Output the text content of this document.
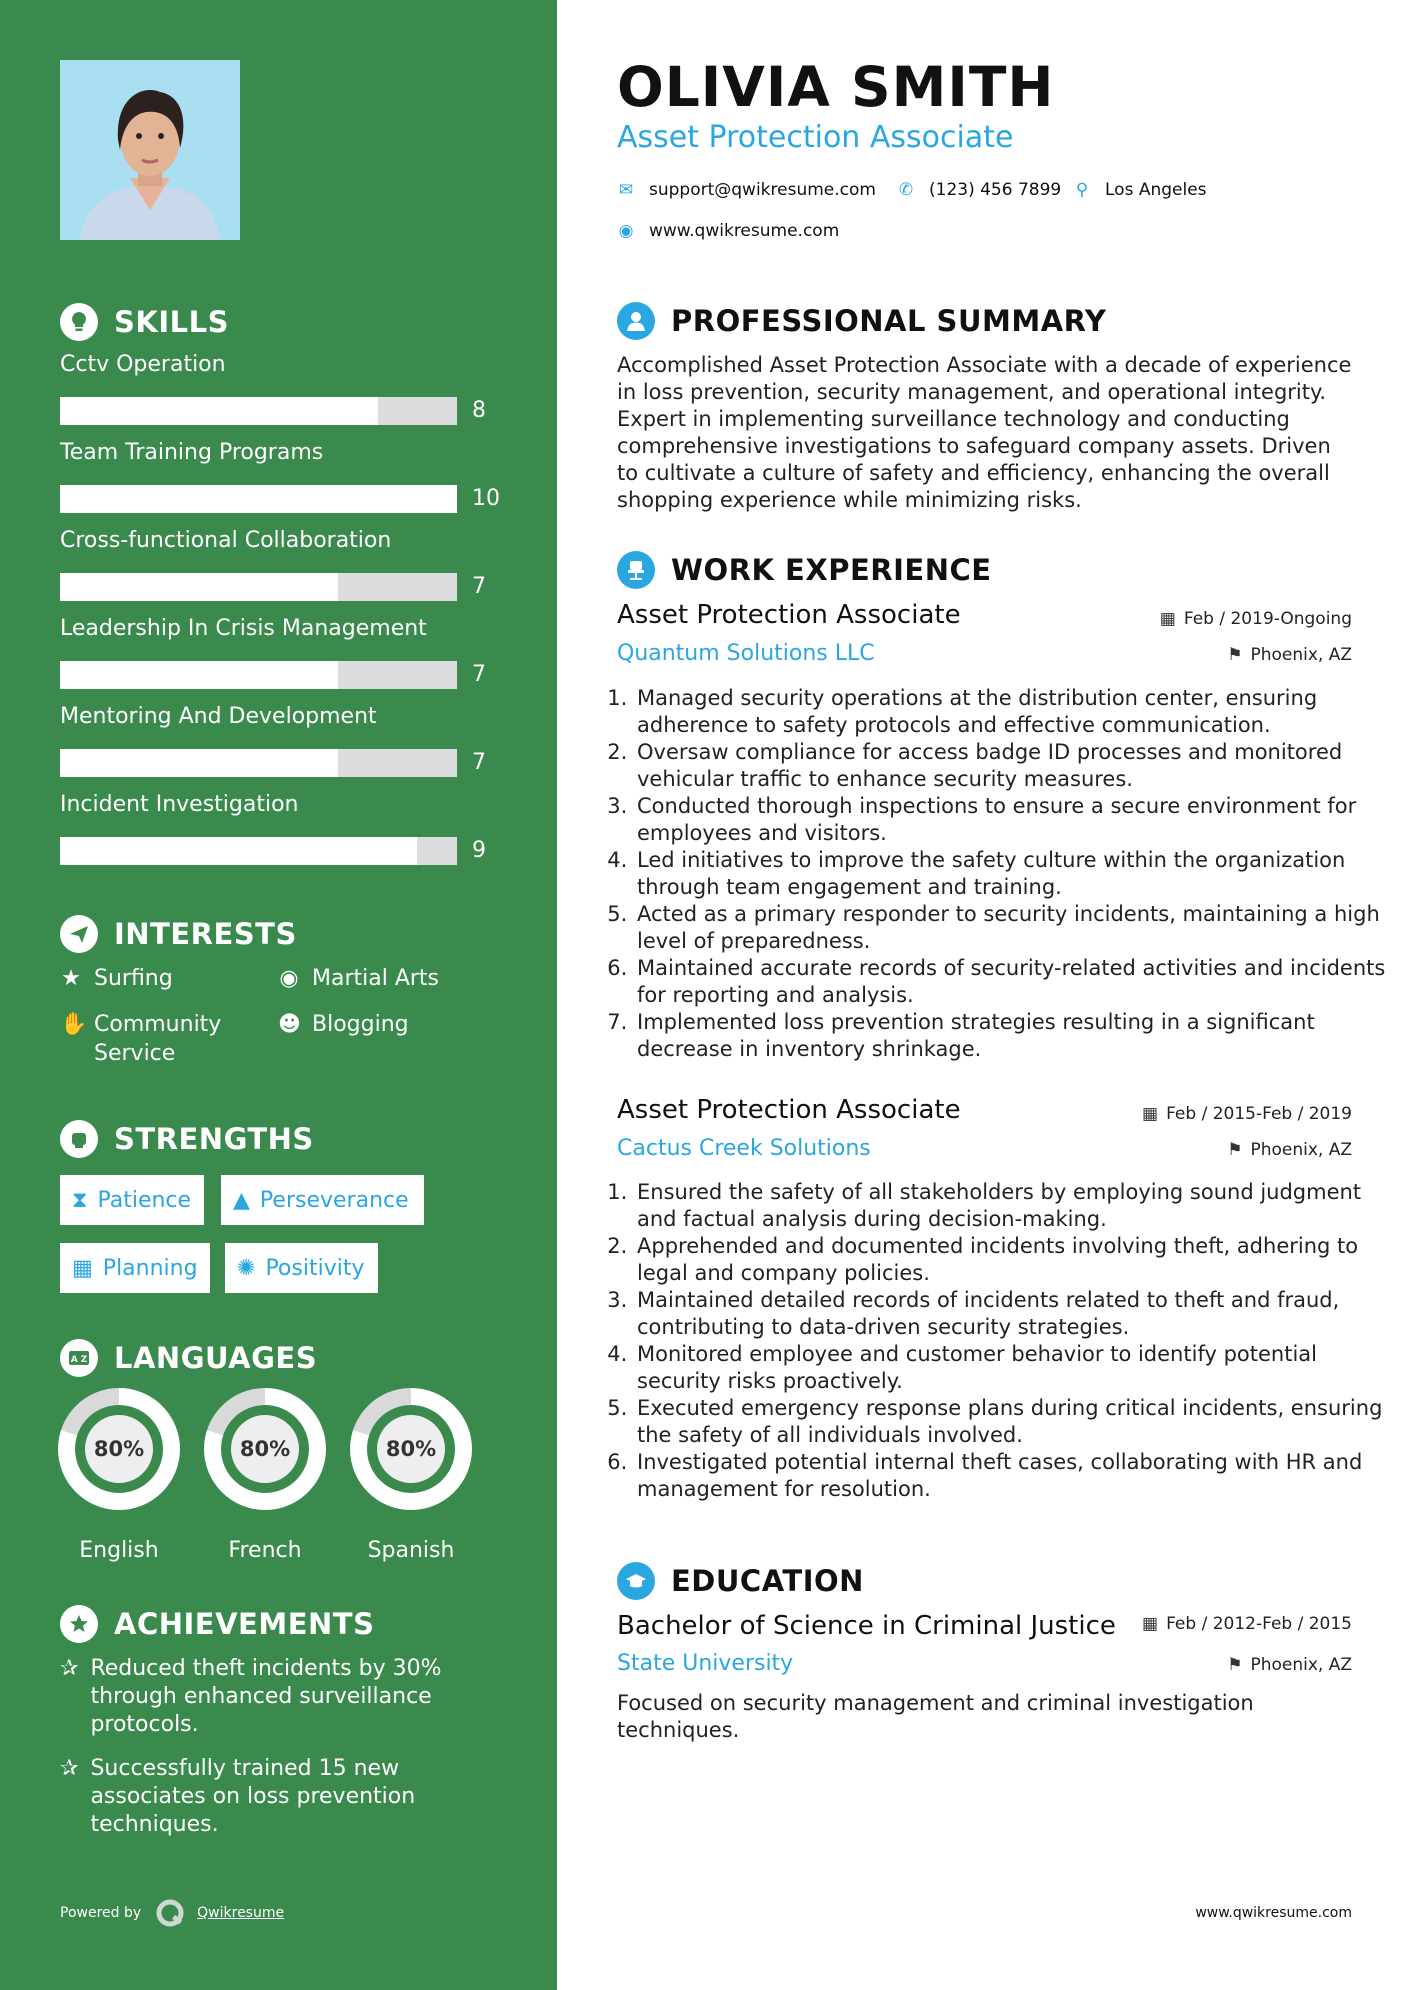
SKILLS
Cctv Operation
8
Team Training Programs
10
Cross-functional Collaboration
7
Leadership In Crisis Management
7
Mentoring And Development
7
Incident Investigation
9
INTERESTS
★ Surfing	◉ Martial Arts
✋ Community Service
☻ Blogging
STRENGTHS
⧗ Patience ▲ Perseverance
▦ Planning ✺ Positivity
A Z LANGUAGES
80%
English
80%
French
80%
Spanish
ACHIEVEMENTS
✰ Reduced theft incidents by 30% through enhanced surveillance protocols.
✰ Successfully trained 15 new associates on loss prevention techniques.
Powered by	Qwikresume
OLIVIA SMITH
Asset Protection Associate
✉ support@qwikresume.com ✆ (123) 456 7899 ⚲ Los Angeles
◉ www.qwikresume.com
PROFESSIONAL SUMMARY
Accomplished Asset Protection Associate with a decade of experience in loss prevention, security management, and operational integrity. Expert in implementing surveillance technology and conducting comprehensive investigations to safeguard company assets. Driven to cultivate a culture of safety and efficiency, enhancing the overall shopping experience while minimizing risks.
WORK EXPERIENCE
Asset Protection Associate	▦ Feb / 2019-Ongoing
Quantum Solutions LLC	⚑ Phoenix, AZ
1. Managed security operations at the distribution center, ensuring adherence to safety protocols and effective communication.
2. Oversaw compliance for access badge ID processes and monitored vehicular traffic to enhance security measures.
3. Conducted thorough inspections to ensure a secure environment for employees and visitors.
4. Led initiatives to improve the safety culture within the organization through team engagement and training.
5. Acted as a primary responder to security incidents, maintaining a high level of preparedness.
6. Maintained accurate records of security-related activities and incidents for reporting and analysis.
7. Implemented loss prevention strategies resulting in a significant decrease in inventory shrinkage.
Asset Protection Associate	▦ Feb / 2015-Feb / 2019
Cactus Creek Solutions	⚑ Phoenix, AZ
1. Ensured the safety of all stakeholders by employing sound judgment and factual analysis during decision-making.
2. Apprehended and documented incidents involving theft, adhering to legal and company policies.
3. Maintained detailed records of incidents related to theft and fraud, contributing to data-driven security strategies.
4. Monitored employee and customer behavior to identify potential security risks proactively.
5. Executed emergency response plans during critical incidents, ensuring the safety of all individuals involved.
6. Investigated potential internal theft cases, collaborating with HR and management for resolution.
EDUCATION
Bachelor of Science in Criminal Justice ▦ Feb / 2012-Feb / 2015
State University	⚑ Phoenix, AZ
Focused on security management and criminal investigation techniques.
www.qwikresume.com
